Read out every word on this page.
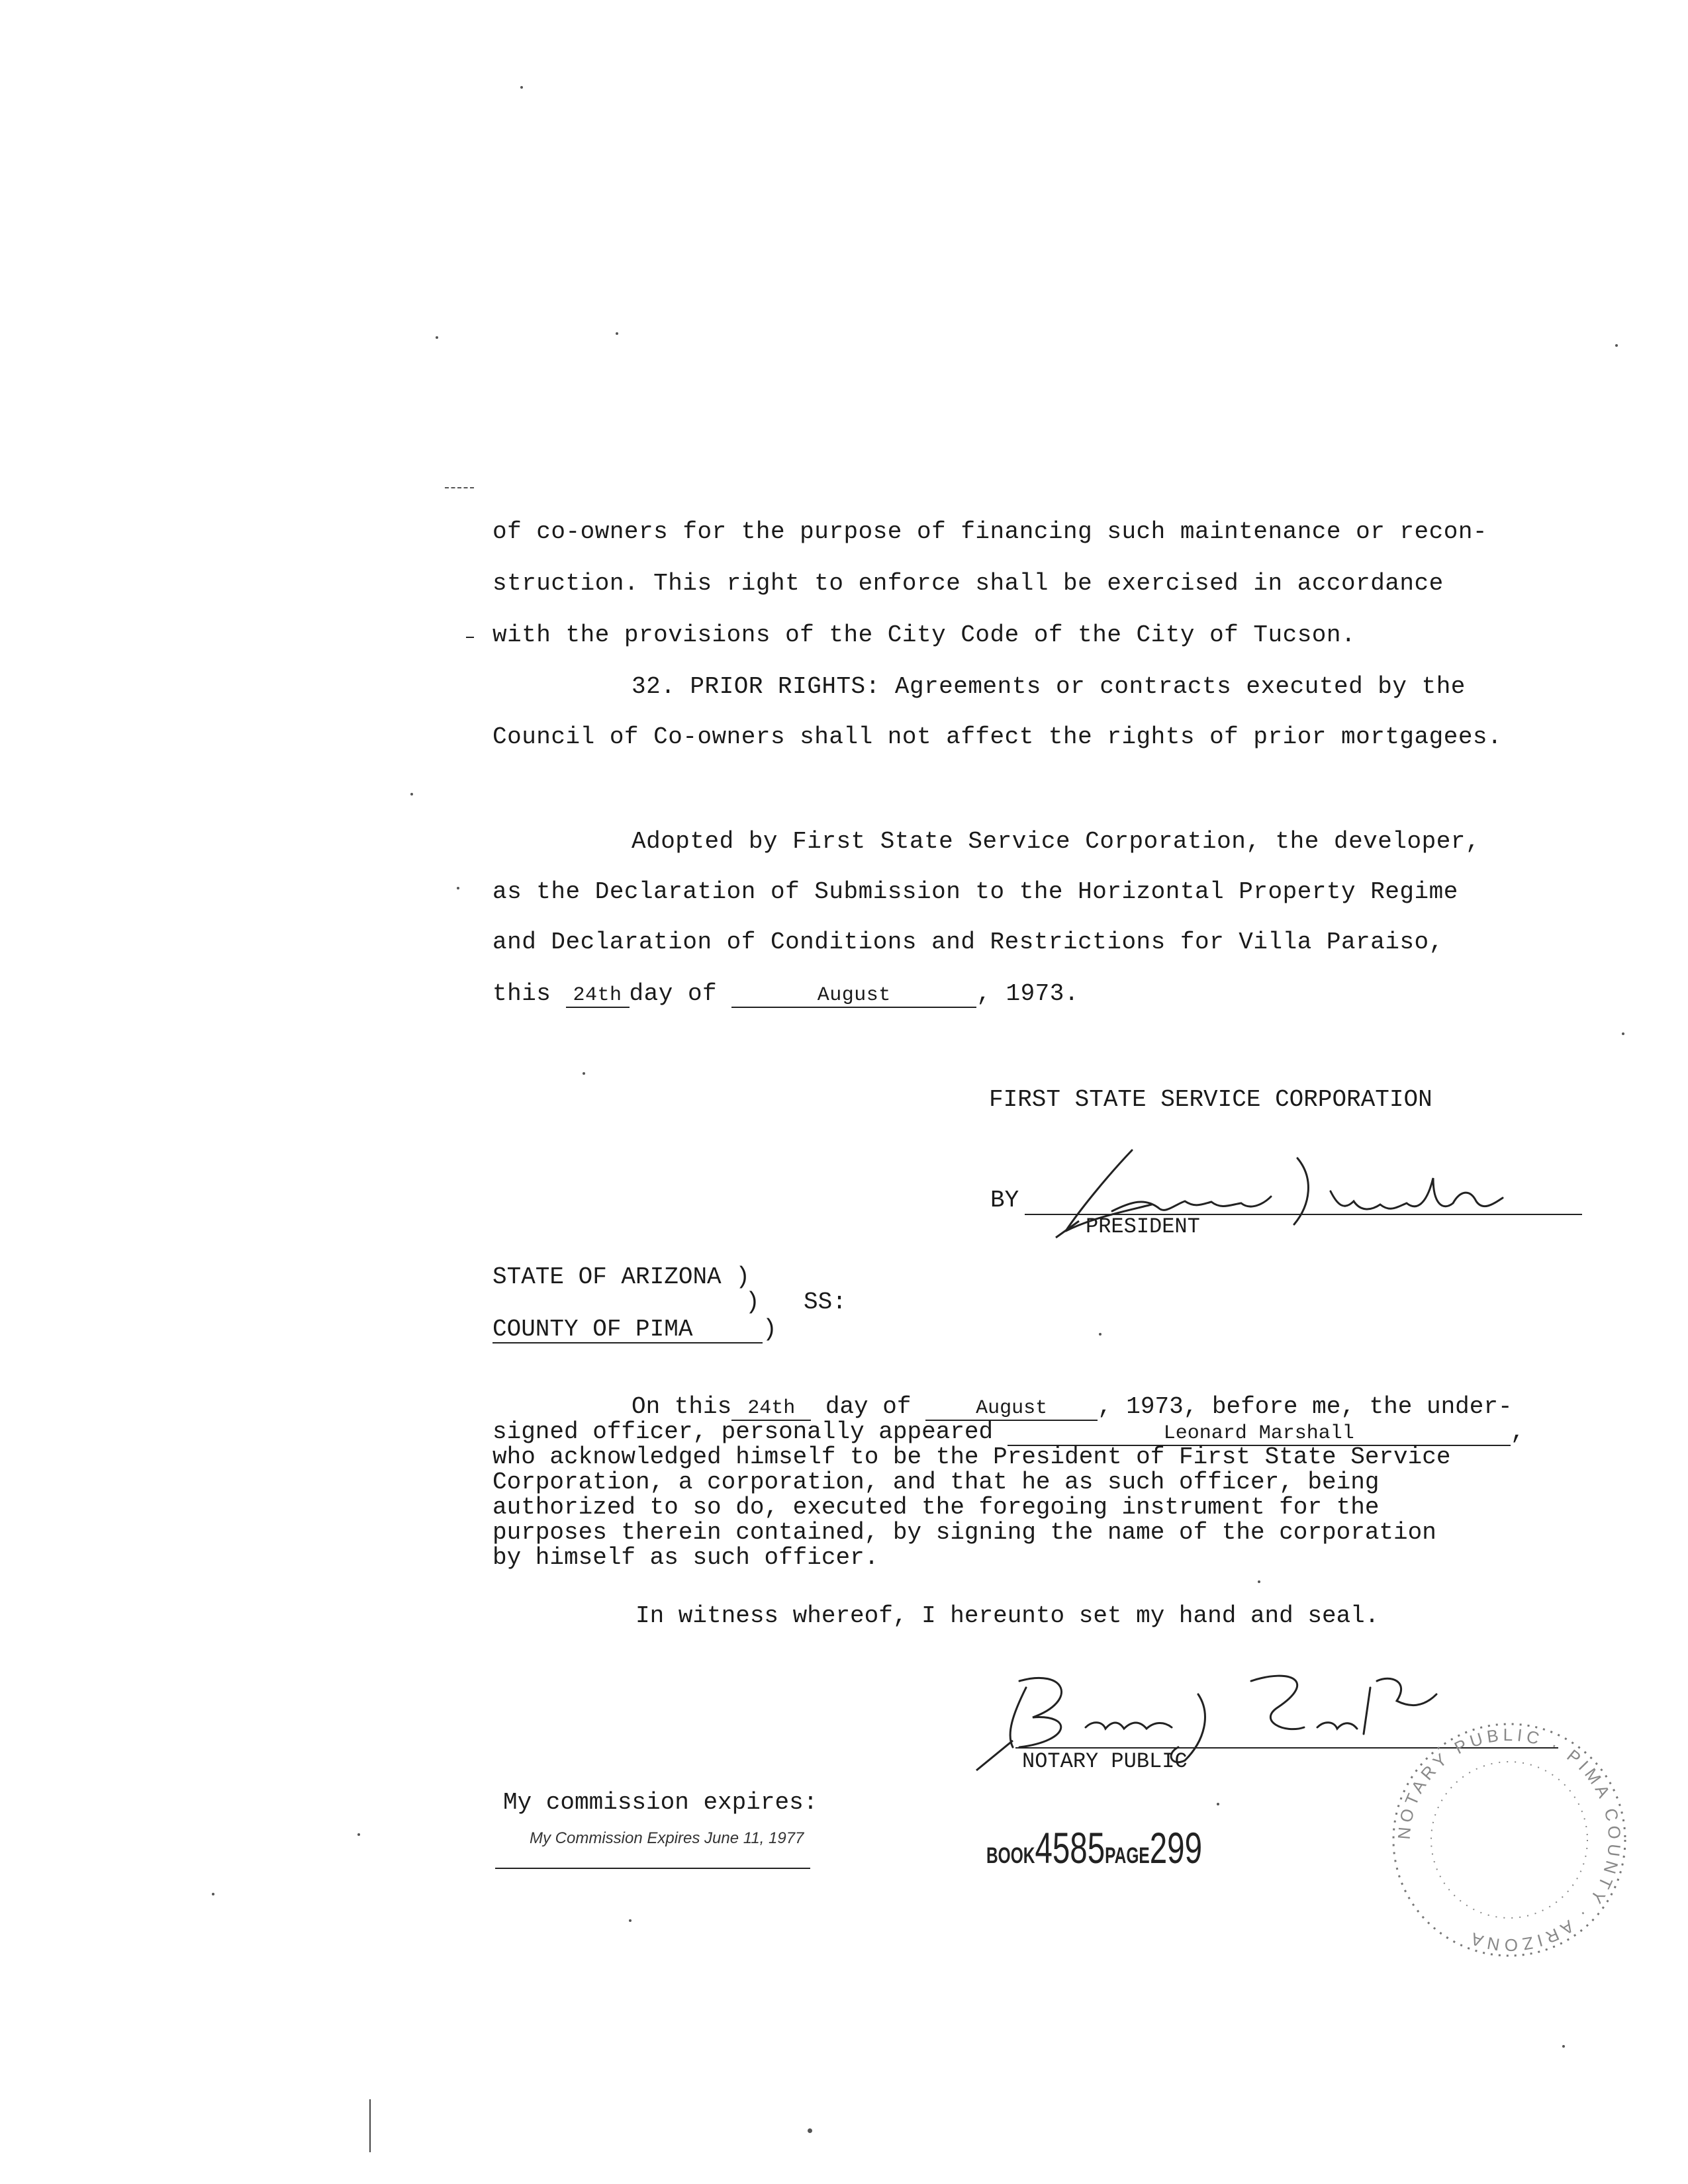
of co-owners for the purpose of financing such maintenance or recon-
struction. This right to enforce shall be exercised in accordance
with the provisions of the City Code of the City of Tucson.
32. PRIOR RIGHTS: Agreements or contracts executed by the
Council of Co-owners shall not affect the rights of prior mortgagees.
Adopted by First State Service Corporation, the developer,
as the Declaration of Submission to the Horizontal Property Regime
and Declaration of Conditions and Restrictions for Villa Paraiso,
this 24th day of	August	, 1973.
FIRST STATE SERVICE CORPORATION
BY
PRESIDENT
STATE OF ARIZONA )
) SS:
COUNTY OF PIMA	)
On this 24th day of	August , 1973, before me, the under-
signed officer, personally appeared	Leonard Marshall	,
who acknowledged himself to be the President of First State Service
Corporation, a corporation, and that he as such officer, being
authorized to so do, executed the foregoing instrument for the
purposes therein contained, by signing the name of the corporation
by himself as such officer.
In witness whereof, I hereunto set my hand and seal.
NOTARY PUBLIC
My commission expires:
My Commission Expires June 11, 1977
BOOK4585PAGE299	NOTARY PUBLIC · PIMA COUNTY · ARIZONA
